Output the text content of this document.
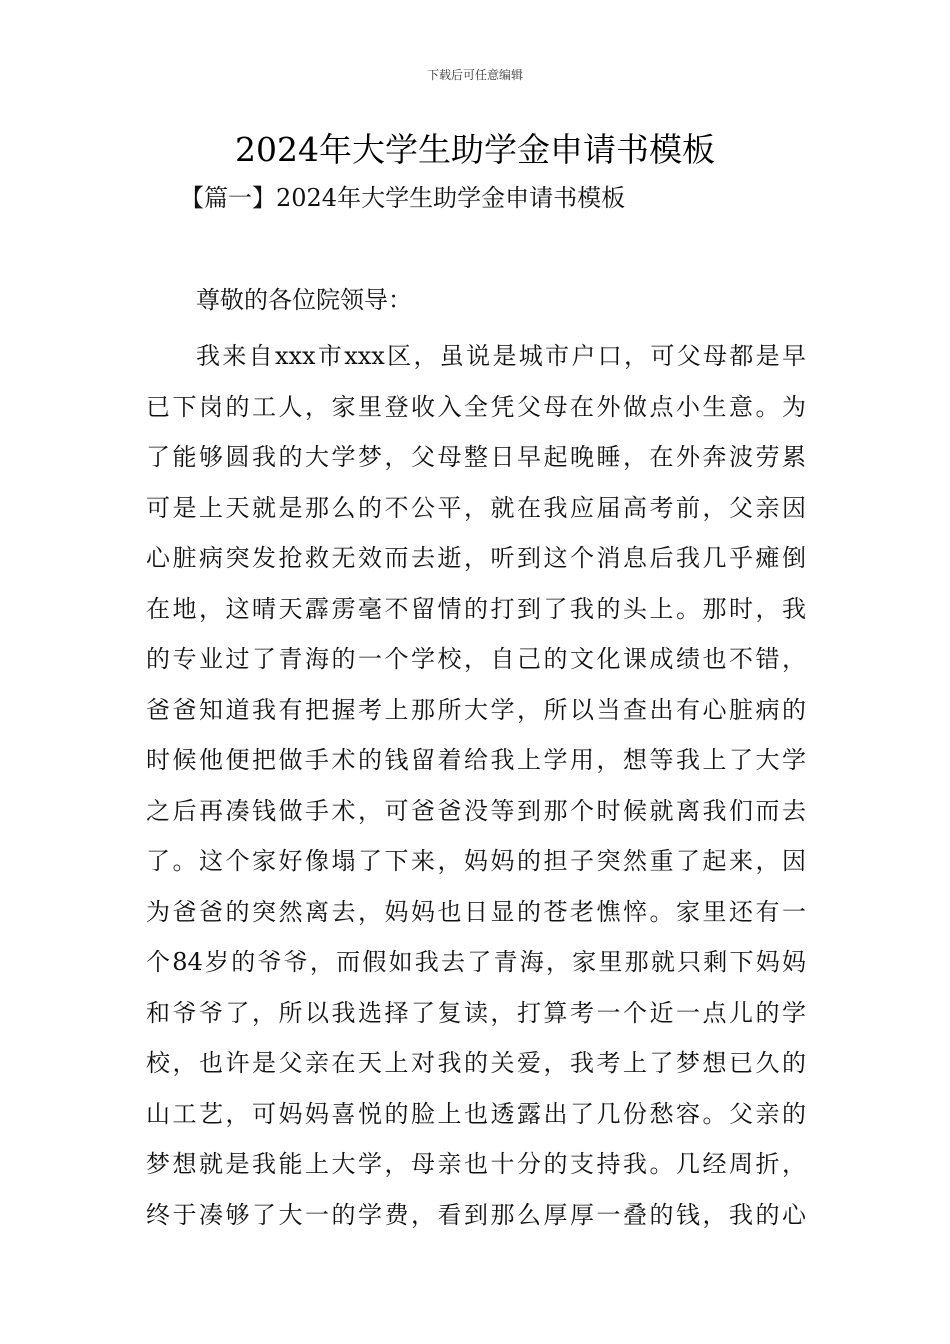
下载后可任意编辑
2024年大学生助学金申请书模板

【篇一】2024年大学生助学金申请书模板

尊敬的各位院领导：

我来自xxx市xxx区，虽说是城市户口，可父母都是早
已下岗的工人，家里登收入全凭父母在外做点小生意。为
了能够圆我的大学梦，父母整日早起晚睡，在外奔波劳累
可是上天就是那么的不公平，就在我应届高考前，父亲因
心脏病突发抢救无效而去逝，听到这个消息后我几乎瘫倒
在地，这晴天霹雳毫不留情的打到了我的头上。那时，我
的专业过了青海的一个学校，自己的文化课成绩也不错，
爸爸知道我有把握考上那所大学，所以当查出有心脏病的
时候他便把做手术的钱留着给我上学用，想等我上了大学
之后再凑钱做手术，可爸爸没等到那个时候就离我们而去
了。这个家好像塌了下来，妈妈的担子突然重了起来，因
为爸爸的突然离去，妈妈也日显的苍老憔悴。家里还有一
个84岁的爷爷，而假如我去了青海，家里那就只剩下妈妈
和爷爷了，所以我选择了复读，打算考一个近一点儿的学
校，也许是父亲在天上对我的关爱，我考上了梦想已久的
山工艺，可妈妈喜悦的脸上也透露出了几份愁容。父亲的
梦想就是我能上大学，母亲也十分的支持我。几经周折，
终于凑够了大一的学费，看到那么厚厚一叠的钱，我的心
